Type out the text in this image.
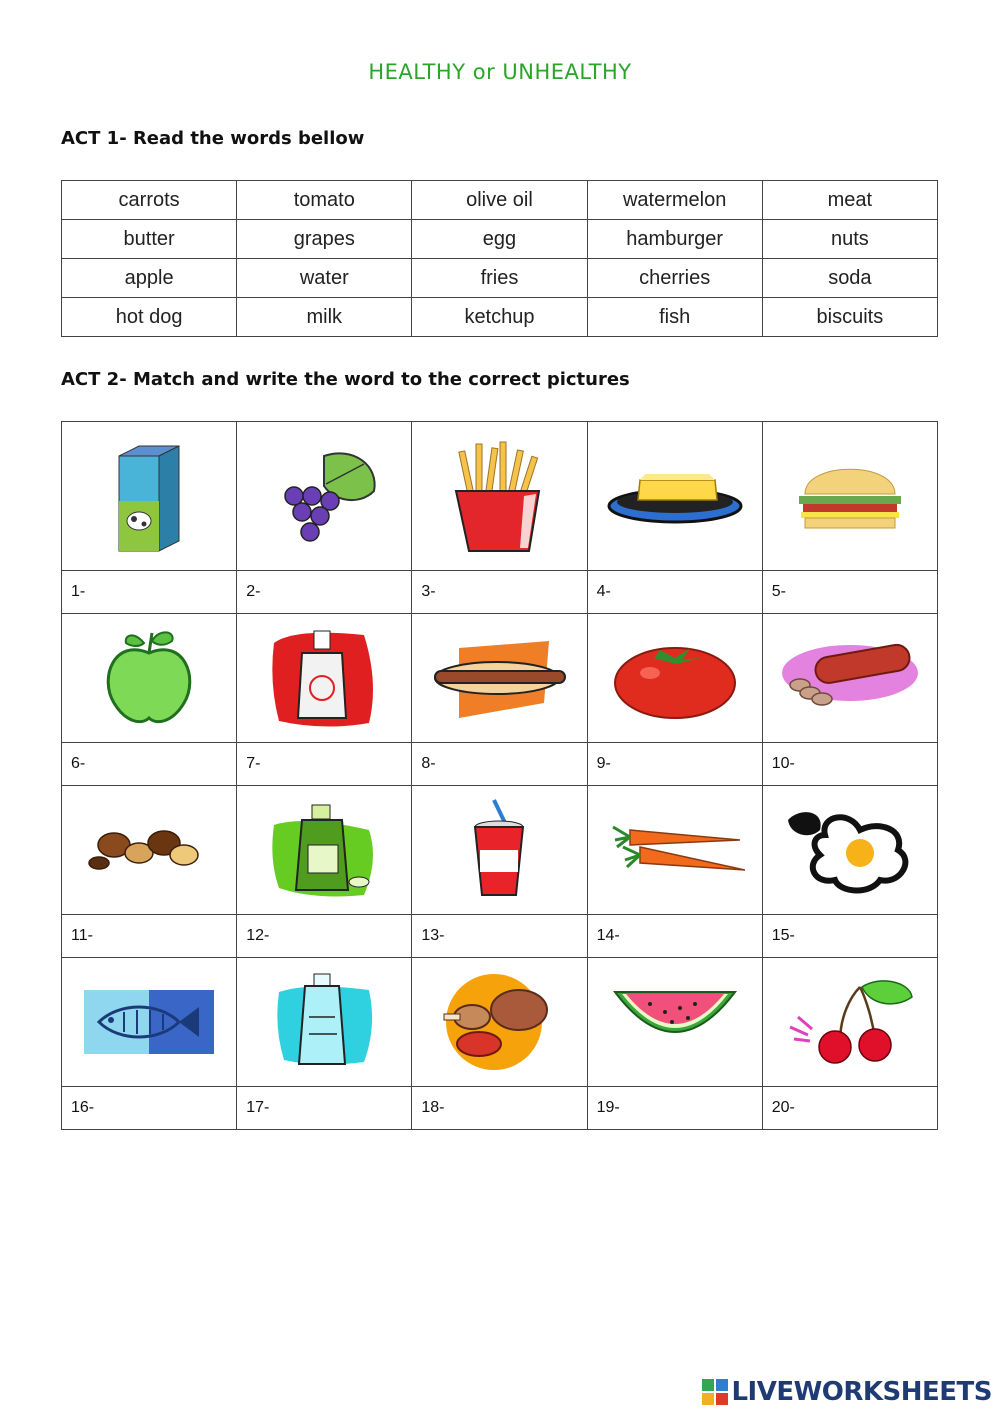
HEALTHY or UNHEALTHY
ACT 1- Read the words bellow
carrots	tomato	olive oil	watermelon	meat
butter	grapes	egg	hamburger	nuts
apple	water	fries	cherries	soda
hot dog	milk	ketchup	fish	biscuits
ACT 2- Match and write the word to the correct pictures

1-	2-	3-	4-	5-

6-	7-	8-	9-	10-

11-	12-	13-	14-	15-

16-	17-	18-	19-	20-
LIVEWORKSHEETS
